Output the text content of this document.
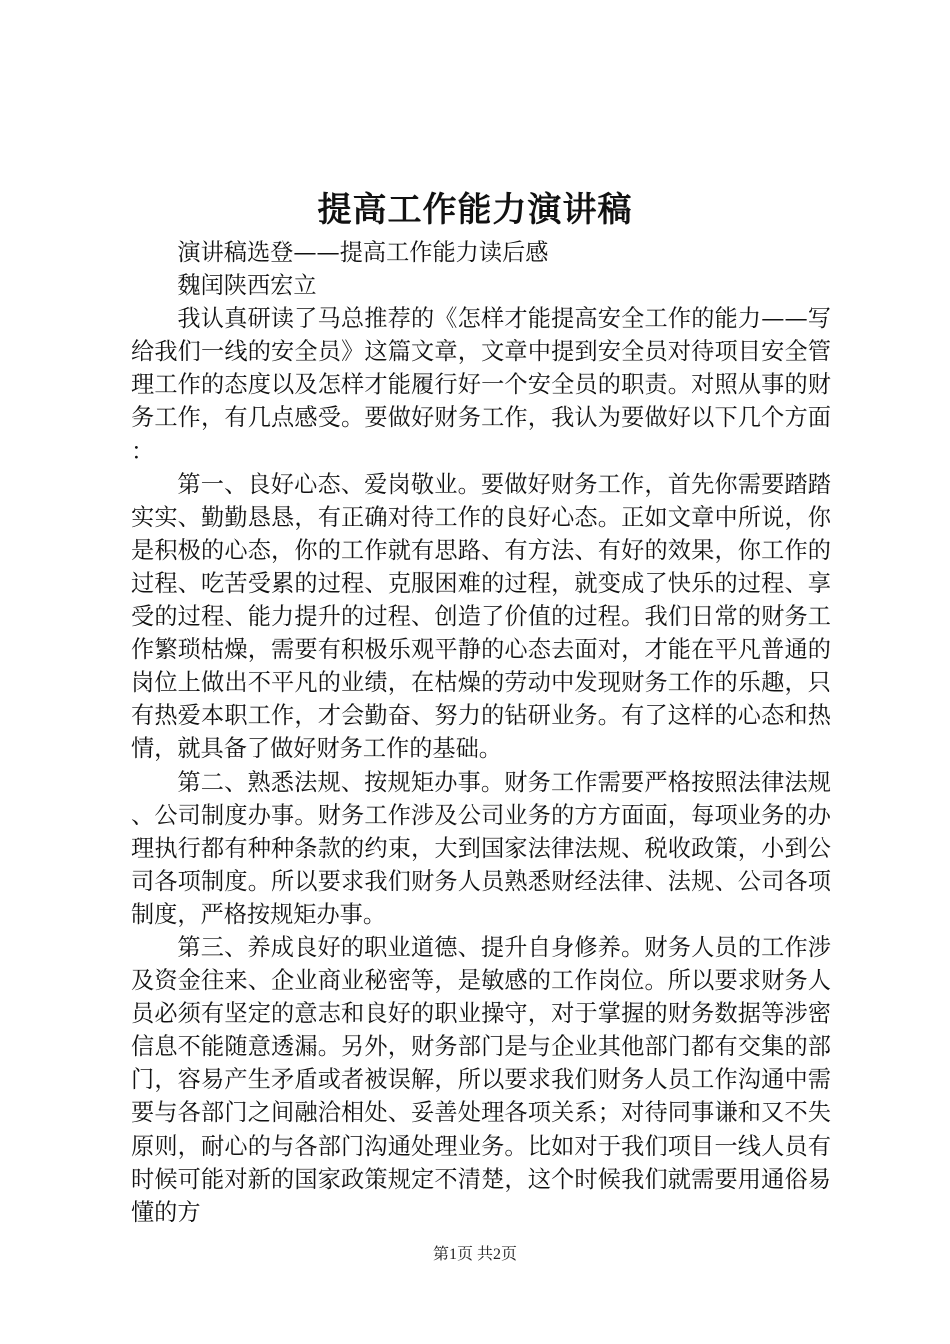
提高工作能力演讲稿

演讲稿选登——提高工作能力读后感

魏闰陕西宏立

我认真研读了马总推荐的《怎样才能提高安全工作的能力——写给我们一线的安全员》这篇文章，文章中提到安全员对待项目安全管理工作的态度以及怎样才能履行好一个安全员的职责。对照从事的财务工作，有几点感受。要做好财务工作，我认为要做好以下几个方面：

第一、良好心态、爱岗敬业。要做好财务工作，首先你需要踏踏实实、勤勤恳恳，有正确对待工作的良好心态。正如文章中所说，你是积极的心态，你的工作就有思路、有方法、有好的效果，你工作的过程、吃苦受累的过程、克服困难的过程，就变成了快乐的过程、享受的过程、能力提升的过程、创造了价值的过程。我们日常的财务工作繁琐枯燥，需要有积极乐观平静的心态去面对，才能在平凡普通的岗位上做出不平凡的业绩，在枯燥的劳动中发现财务工作的乐趣，只有热爱本职工作，才会勤奋、努力的钻研业务。有了这样的心态和热情，就具备了做好财务工作的基础。

第二、熟悉法规、按规矩办事。财务工作需要严格按照法律法规、公司制度办事。财务工作涉及公司业务的方方面面，每项业务的办理执行都有种种条款的约束，大到国家法律法规、税收政策，小到公司各项制度。所以要求我们财务人员熟悉财经法律、法规、公司各项制度，严格按规矩办事。

第三、养成良好的职业道德、提升自身修养。财务人员的工作涉及资金往来、企业商业秘密等，是敏感的工作岗位。所以要求财务人员必须有坚定的意志和良好的职业操守，对于掌握的财务数据等涉密信息不能随意透漏。另外，财务部门是与企业其他部门都有交集的部门，容易产生矛盾或者被误解，所以要求我们财务人员工作沟通中需要与各部门之间融洽相处、妥善处理各项关系；对待同事谦和又不失原则，耐心的与各部门沟通处理业务。比如对于我们项目一线人员有时候可能对新的国家政策规定不清楚，这个时候我们就需要用通俗易懂的方

第1页 共2页
